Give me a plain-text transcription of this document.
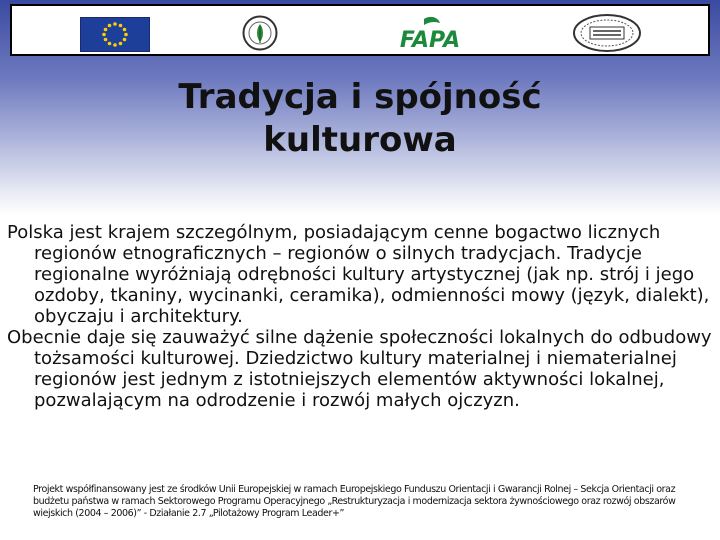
FAPA
Tradycja i spójność
kulturowa

Polska jest krajem szczególnym, posiadającym cenne bogactwo licznych regionów etnograficznych – regionów o silnych tradycjach. Tradycje regionalne wyróżniają odrębności kultury artystycznej (jak np. strój i jego ozdoby, tkaniny, wycinanki, ceramika), odmienności mowy (język, dialekt), obyczaju i architektury.

Obecnie daje się zauważyć silne dążenie społeczności lokalnych do odbudowy tożsamości kulturowej. Dziedzictwo kultury materialnej i niematerialnej regionów jest jednym z istotniejszych elementów aktywności lokalnej, pozwalającym na odrodzenie i rozwój małych ojczyzn.

Projekt współfinansowany jest ze środków Unii Europejskiej w ramach Europejskiego Funduszu Orientacji i Gwarancji Rolnej – Sekcja Orientacji oraz budżetu państwa w ramach Sektorowego Programu Operacyjnego „Restrukturyzacja i modernizacja sektora żywnościowego oraz rozwój obszarów wiejskich (2004 – 2006)” - Działanie 2.7 „Pilotażowy Program Leader+”
